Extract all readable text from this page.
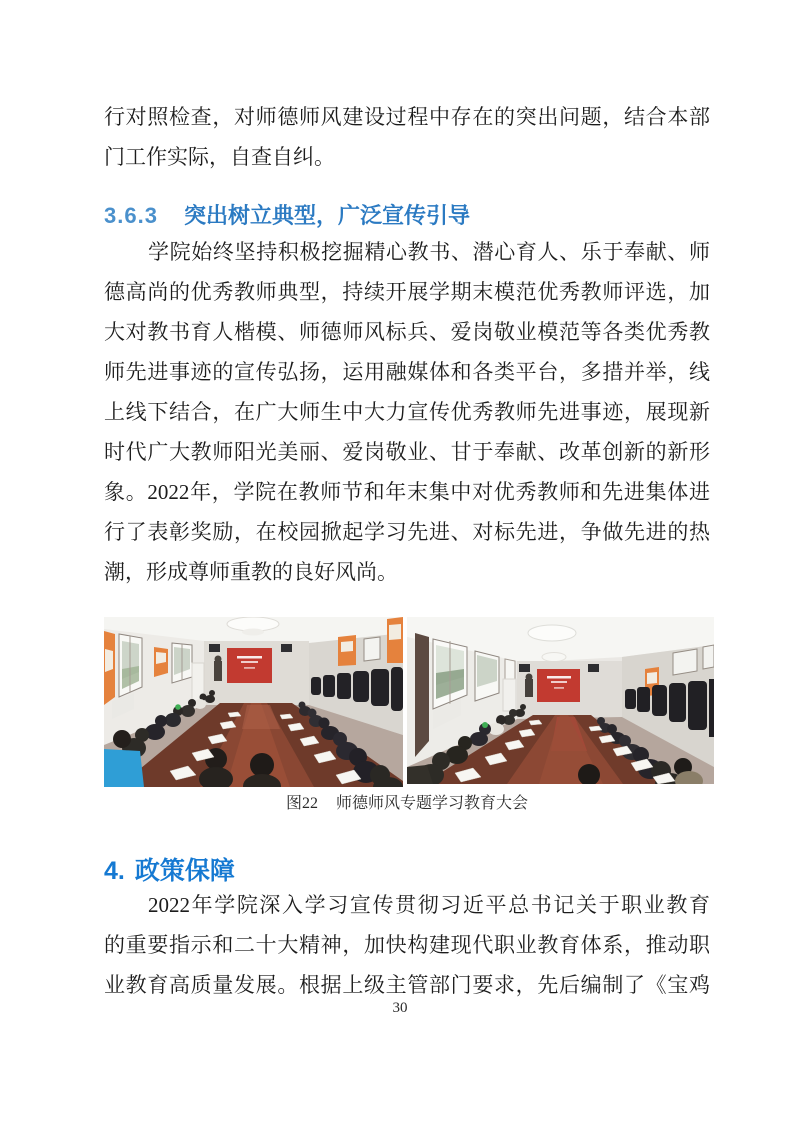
行对照检查，对师德师风建设过程中存在的突出问题，结合本部
门工作实际，自查自纠。
3.6.3 突出树立典型，广泛宣传引导
学院始终坚持积极挖掘精心教书、潜心育人、乐于奉献、师
德高尚的优秀教师典型，持续开展学期末模范优秀教师评选，加
大对教书育人楷模、师德师风标兵、爱岗敬业模范等各类优秀教
师先进事迹的宣传弘扬，运用融媒体和各类平台，多措并举，线
上线下结合，在广大师生中大力宣传优秀教师先进事迹，展现新
时代广大教师阳光美丽、爱岗敬业、甘于奉献、改革创新的新形
象。2022年，学院在教师节和年末集中对优秀教师和先进集体进
行了表彰奖励，在校园掀起学习先进、对标先进，争做先进的热
潮，形成尊师重教的良好风尚。
图22 师德师风专题学习教育大会
4. 政策保障
2022年学院深入学习宣传贯彻习近平总书记关于职业教育
的重要指示和二十大精神，加快构建现代职业教育体系，推动职
业教育高质量发展。根据上级主管部门要求，先后编制了《宝鸡
30
